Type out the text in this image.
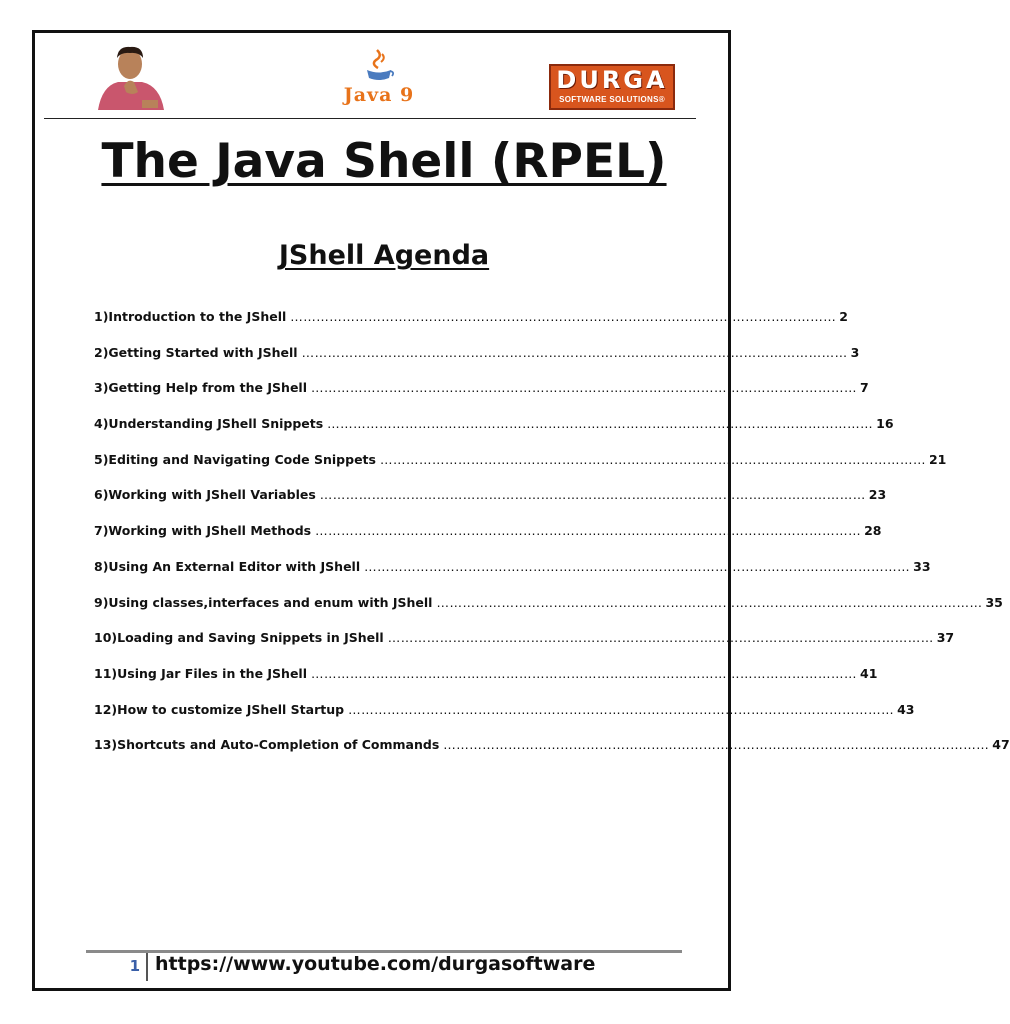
Java 9
DURGA
SOFTWARE SOLUTIONS®
The Java Shell (RPEL)
JShell Agenda
1) Introduction to the JShell ……………………………………………………………………………………………………………… 2
2) Getting Started with JShell ……………………………………………………………………………………………………………… 3
3) Getting Help from the JShell ……………………………………………………………………………………………………………… 7
4) Understanding JShell Snippets ……………………………………………………………………………………………………………… 16
5) Editing and Navigating Code Snippets ……………………………………………………………………………………………………………… 21
6) Working with JShell Variables ……………………………………………………………………………………………………………… 23
7) Working with JShell Methods ……………………………………………………………………………………………………………… 28
8) Using An External Editor with JShell ……………………………………………………………………………………………………………… 33
9) Using classes,interfaces and enum with JShell ……………………………………………………………………………………………………………… 35
10) Loading and Saving Snippets in JShell ……………………………………………………………………………………………………………… 37
11) Using Jar Files in the JShell ……………………………………………………………………………………………………………… 41
12) How to customize JShell Startup ……………………………………………………………………………………………………………… 43
13) Shortcuts and Auto-Completion of Commands ……………………………………………………………………………………………………………… 47
1 https://www.youtube.com/durgasoftware
